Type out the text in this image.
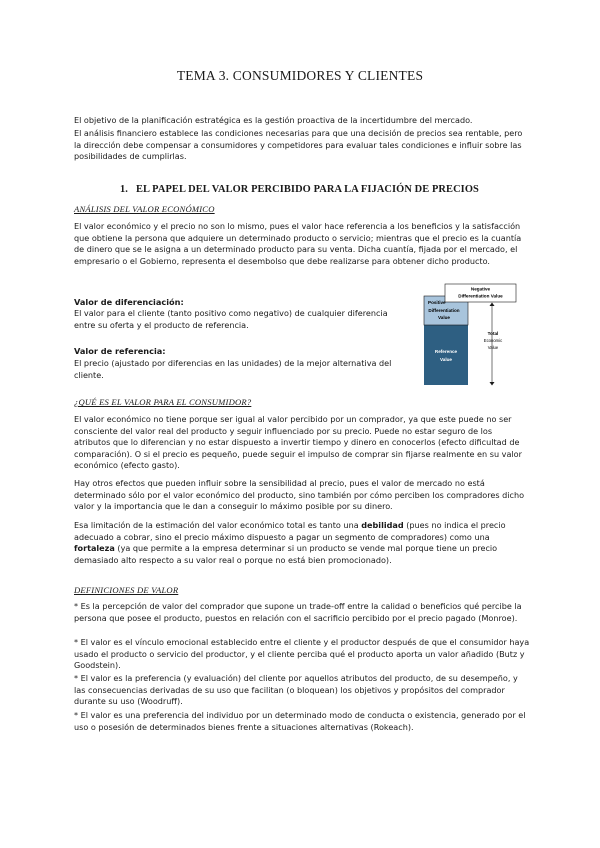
TEMA 3. CONSUMIDORES Y CLIENTES

El objetivo de la planificación estratégica es la gestión proactiva de la incertidumbre del mercado.

El análisis financiero establece las condiciones necesarias para que una decisión de precios sea rentable, pero la dirección debe compensar a consumidores y competidores para evaluar tales condiciones e influir sobre las posibilidades de cumplirlas.

1. EL PAPEL DEL VALOR PERCIBIDO PARA LA FIJACIÓN DE PRECIOS
ANÁLISIS DEL VALOR ECONÓMICO

El valor económico y el precio no son lo mismo, pues el valor hace referencia a los beneficios y la satisfacción que obtiene la persona que adquiere un determinado producto o servicio; mientras que el precio es la cuantía de dinero que se le asigna a un determinado producto para su venta. Dicha cuantía, fijada por el mercado, el empresario o el Gobierno, representa el desembolso que debe realizarse para obtener dicho producto.

Valor de diferenciación:

El valor para el cliente (tanto positivo como negativo) de cualquier diferencia entre su oferta y el producto de referencia.

Valor de referencia:

El precio (ajustado por diferencias en las unidades) de la mejor alternativa del cliente.

Negative
Differentiation Value
Positive
Differentiation
Value
Reference
Value
Total
Economic
Value
¿QUÉ ES EL VALOR PARA EL CONSUMIDOR?

El valor económico no tiene porque ser igual al valor percibido por un comprador, ya que este puede no ser consciente del valor real del producto y seguir influenciado por su precio. Puede no estar seguro de los atributos que lo diferencian y no estar dispuesto a invertir tiempo y dinero en conocerlos (efecto dificultad de comparación). O si el precio es pequeño, puede seguir el impulso de comprar sin fijarse realmente en su valor económico (efecto gasto).

Hay otros efectos que pueden influir sobre la sensibilidad al precio, pues el valor de mercado no está determinado sólo por el valor económico del producto, sino también por cómo perciben los compradores dicho valor y la importancia que le dan a conseguir lo máximo posible por su dinero.

Esa limitación de la estimación del valor económico total es tanto una debilidad (pues no indica el precio adecuado a cobrar, sino el precio máximo dispuesto a pagar un segmento de compradores) como una fortaleza (ya que permite a la empresa determinar si un producto se vende mal porque tiene un precio demasiado alto respecto a su valor real o porque no está bien promocionado).

DEFINICIONES DE VALOR

* Es la percepción de valor del comprador que supone un trade-off entre la calidad o beneficios qué percibe la persona que posee el producto, puestos en relación con el sacrificio percibido por el precio pagado (Monroe).

* El valor es el vínculo emocional establecido entre el cliente y el productor después de que el consumidor haya usado el producto o servicio del productor, y el cliente perciba qué el producto aporta un valor añadido (Butz y Goodstein).

* El valor es la preferencia (y evaluación) del cliente por aquellos atributos del producto, de su desempeño, y las consecuencias derivadas de su uso que facilitan (o bloquean) los objetivos y propósitos del comprador durante su uso (Woodruff).

* El valor es una preferencia del individuo por un determinado modo de conducta o existencia, generado por el uso o posesión de determinados bienes frente a situaciones alternativas (Rokeach).
